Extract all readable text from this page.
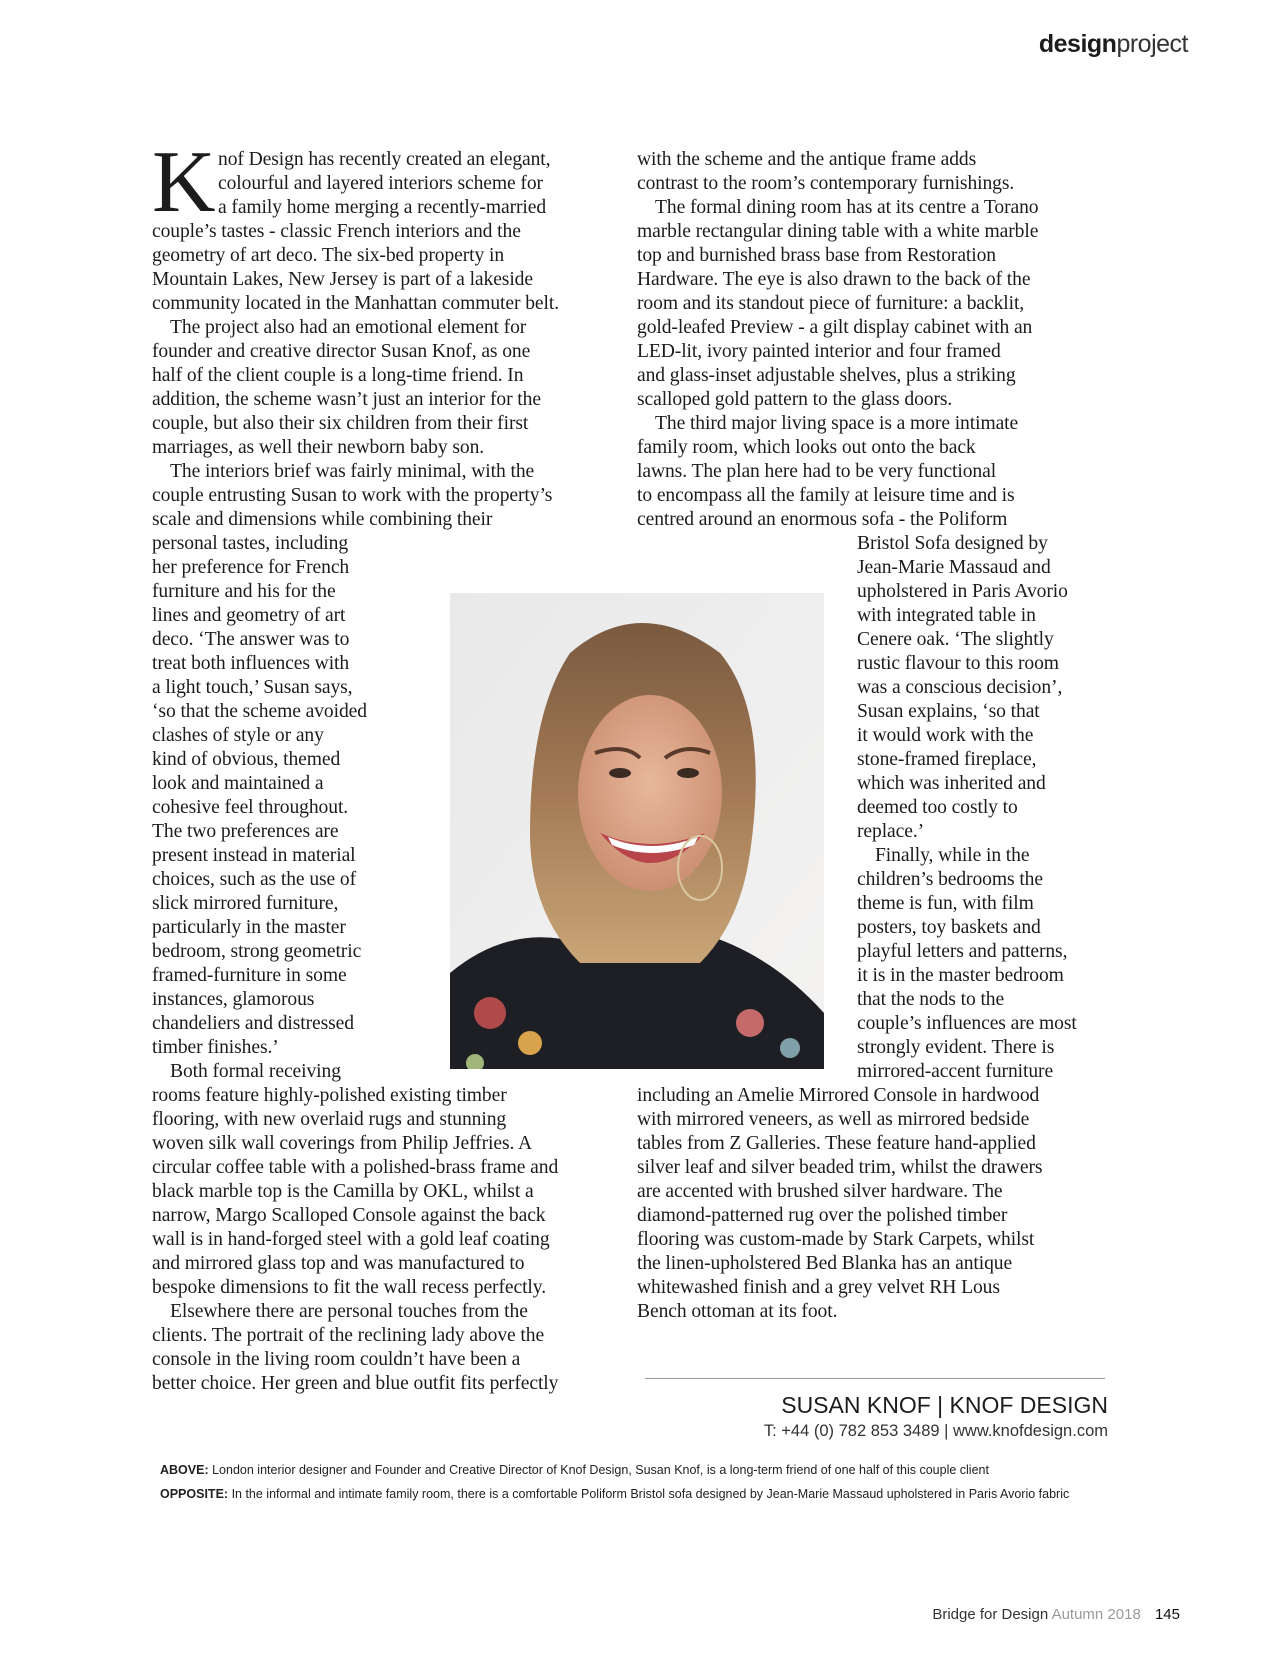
designproject
K nof Design has recently created an elegant,
colourful and layered interiors scheme for
a family home merging a recently-married
couple’s tastes - classic French interiors and the
geometry of art deco. The six-bed property in
Mountain Lakes, New Jersey is part of a lakeside
community located in the Manhattan commuter belt.
The project also had an emotional element for
founder and creative director Susan Knof, as one
half of the client couple is a long-time friend. In
addition, the scheme wasn’t just an interior for the
couple, but also their six children from their first
marriages, as well their newborn baby son.
The interiors brief was fairly minimal, with the
couple entrusting Susan to work with the property’s
scale and dimensions while combining their
personal tastes, including
her preference for French
furniture and his for the
lines and geometry of art
deco. ‘The answer was to
treat both influences with
a light touch,’ Susan says,
‘so that the scheme avoided
clashes of style or any
kind of obvious, themed
look and maintained a
cohesive feel throughout.
The two preferences are
present instead in material
choices, such as the use of
slick mirrored furniture,
particularly in the master
bedroom, strong geometric
framed-furniture in some
instances, glamorous
chandeliers and distressed
timber finishes.’
Both formal receiving
rooms feature highly-polished existing timber
flooring, with new overlaid rugs and stunning
woven silk wall coverings from Philip Jeffries. A
circular coffee table with a polished-brass frame and
black marble top is the Camilla by OKL, whilst a
narrow, Margo Scalloped Console against the back
wall is in hand-forged steel with a gold leaf coating
and mirrored glass top and was manufactured to
bespoke dimensions to fit the wall recess perfectly.
Elsewhere there are personal touches from the
clients. The portrait of the reclining lady above the
console in the living room couldn’t have been a
better choice. Her green and blue outfit fits perfectly
with the scheme and the antique frame adds
contrast to the room’s contemporary furnishings.
The formal dining room has at its centre a Torano
marble rectangular dining table with a white marble
top and burnished brass base from Restoration
Hardware. The eye is also drawn to the back of the
room and its standout piece of furniture: a backlit,
gold-leafed Preview - a gilt display cabinet with an
LED-lit, ivory painted interior and four framed
and glass-inset adjustable shelves, plus a striking
scalloped gold pattern to the glass doors.
The third major living space is a more intimate
family room, which looks out onto the back
lawns. The plan here had to be very functional
to encompass all the family at leisure time and is
centred around an enormous sofa - the Poliform
Bristol Sofa designed by
Jean-Marie Massaud and
upholstered in Paris Avorio
with integrated table in
Cenere oak. ‘The slightly
rustic flavour to this room
was a conscious decision’,
Susan explains, ‘so that
it would work with the
stone-framed fireplace,
which was inherited and
deemed too costly to
replace.’
Finally, while in the
children’s bedrooms the
theme is fun, with film
posters, toy baskets and
playful letters and patterns,
it is in the master bedroom
that the nods to the
couple’s influences are most
strongly evident. There is
mirrored-accent furniture
including an Amelie Mirrored Console in hardwood
with mirrored veneers, as well as mirrored bedside
tables from Z Galleries. These feature hand-applied
silver leaf and silver beaded trim, whilst the drawers
are accented with brushed silver hardware. The
diamond-patterned rug over the polished timber
flooring was custom-made by Stark Carpets, whilst
the linen-upholstered Bed Blanka has an antique
whitewashed finish and a grey velvet RH Lous
Bench ottoman at its foot.
SUSAN KNOF | KNOF DESIGN
T: +44 (0) 782 853 3489 | www.knofdesign.com
ABOVE: London interior designer and Founder and Creative Director of Knof Design, Susan Knof, is a long-term friend of one half of this couple client
OPPOSITE: In the informal and intimate family room, there is a comfortable Poliform Bristol sofa designed by Jean-Marie Massaud upholstered in Paris Avorio fabric
Bridge for Design Autumn 2018 145
